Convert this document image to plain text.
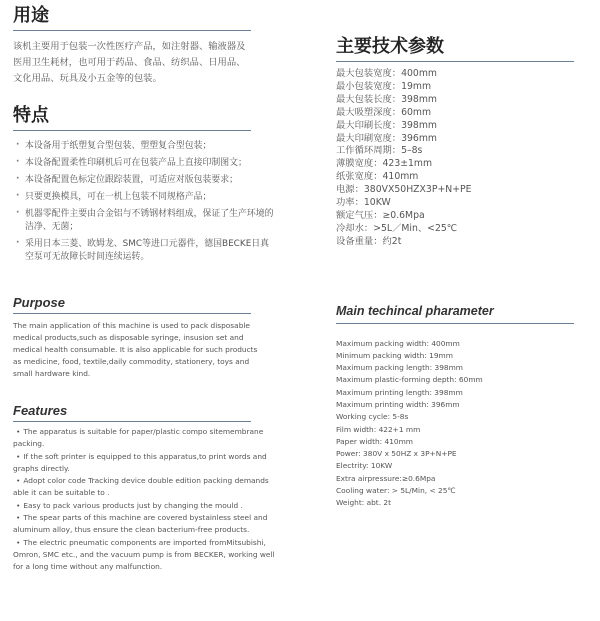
用途

该机主要用于包装一次性医疗产品，如注射器、输液器及医用卫生耗材，也可用于药品、食品、纺织品、日用品、文化用品、玩具及小五金等的包装。

特点
· 本设备用于纸塑复合型包装、塑塑复合型包装；
· 本设备配置柔性印刷机后可在包装产品上直接印制图文；
· 本设备配置色标定位跟踪装置，可适应对版包装要求；
· 只要更换模具，可在一机上包装不同规格产品；
· 机器零配件主要由合金铝与不锈钢材料组成，保证了生产环境的洁净、无菌；
· 采用日本三菱、欧姆龙、SMC等进口元器件，德国BECKE日真空泵可无故障长时间连续运转。
主要技术参数
最大包装宽度：400mm
最小包装宽度：19mm
最大包装长度：398mm
最大吸塑深度：60mm
最大印刷长度：398mm
最大印刷宽度：396mm
工作循环周期：5–8s
薄膜宽度：423±1mm
纸张宽度：410mm
电源：380VX50HZX3P+N+PE
功率：10KW
额定气压：≥0.6Mpa
冷却水：>5L／Min、<25℃
设备重量：约2t
Purpose

The main application of this machine is used to pack disposable medical products,such as disposable syringe, insusion set and medical health consumable. It is also applicable for such products as medicine, food, textile,daily commodity, stationery, toys and small hardware kind.

Features
• The apparatus is suitable for paper/plastic compo sitemembrane packing.
• If the soft printer is equipped to this apparatus,to print words and graphs directly.
• Adopt color code Tracking device double edition packing demands able it can be suitable to .
• Easy to pack various products just by changing the mould .
• The spear parts of this machine are covered bystainless steel and aluminum alloy, thus ensure the clean bacterium-free products.
• The electric pneumatic components are imported fromMitsubishi, Omron, SMC etc., and the vacuum pump is from BECKER, working well for a long time without any malfunction.
Main techincal pharameter
Maximum packing width: 400mm
Minimum packing width: 19mm
Maximum packing length: 398mm
Maximum plastic-forming depth: 60mm
Maximum printing length: 398mm
Maximum printing width: 396mm
Working cycle: 5-8s
Film width: 422+1 mm
Paper width: 410mm
Power: 380V x 50HZ x 3P+N+PE
Electrity: 10KW
Extra airpressure:≥0.6Mpa
Cooling water: > 5L/Min, < 25℃
Weight: abt. 2t
